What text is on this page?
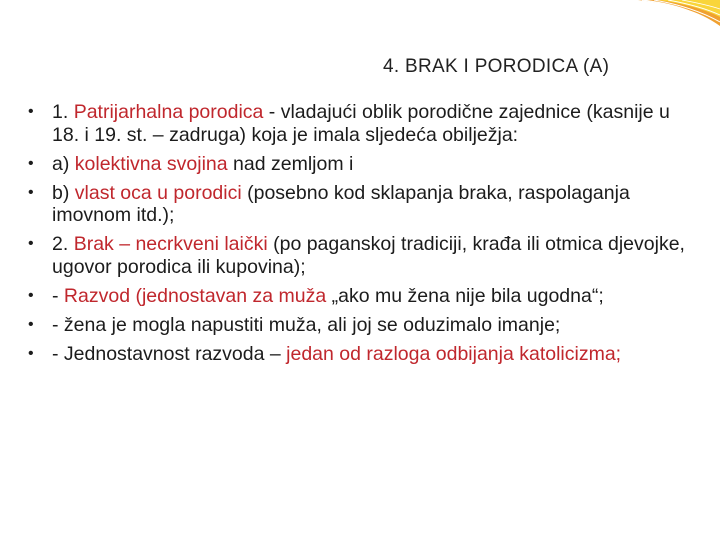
4. BRAK I PORODICA (A)
• 1. Patrijarhalna porodica - vladajući oblik porodične zajednice (kasnije u 18. i 19. st. – zadruga) koja je imala sljedeća obilježja:
• a) kolektivna svojina nad zemljom i
• b) vlast oca u porodici (posebno kod sklapanja braka, raspolaganja imovnom itd.);
• 2. Brak – necrkveni laički (po paganskoj tradiciji, krađa ili otmica djevojke, ugovor porodica ili kupovina);
• - Razvod (jednostavan za muža „ako mu žena nije bila ugodna“;
• - žena je mogla napustiti muža, ali joj se oduzimalo imanje;
• - Jednostavnost razvoda – jedan od razloga odbijanja katolicizma;
